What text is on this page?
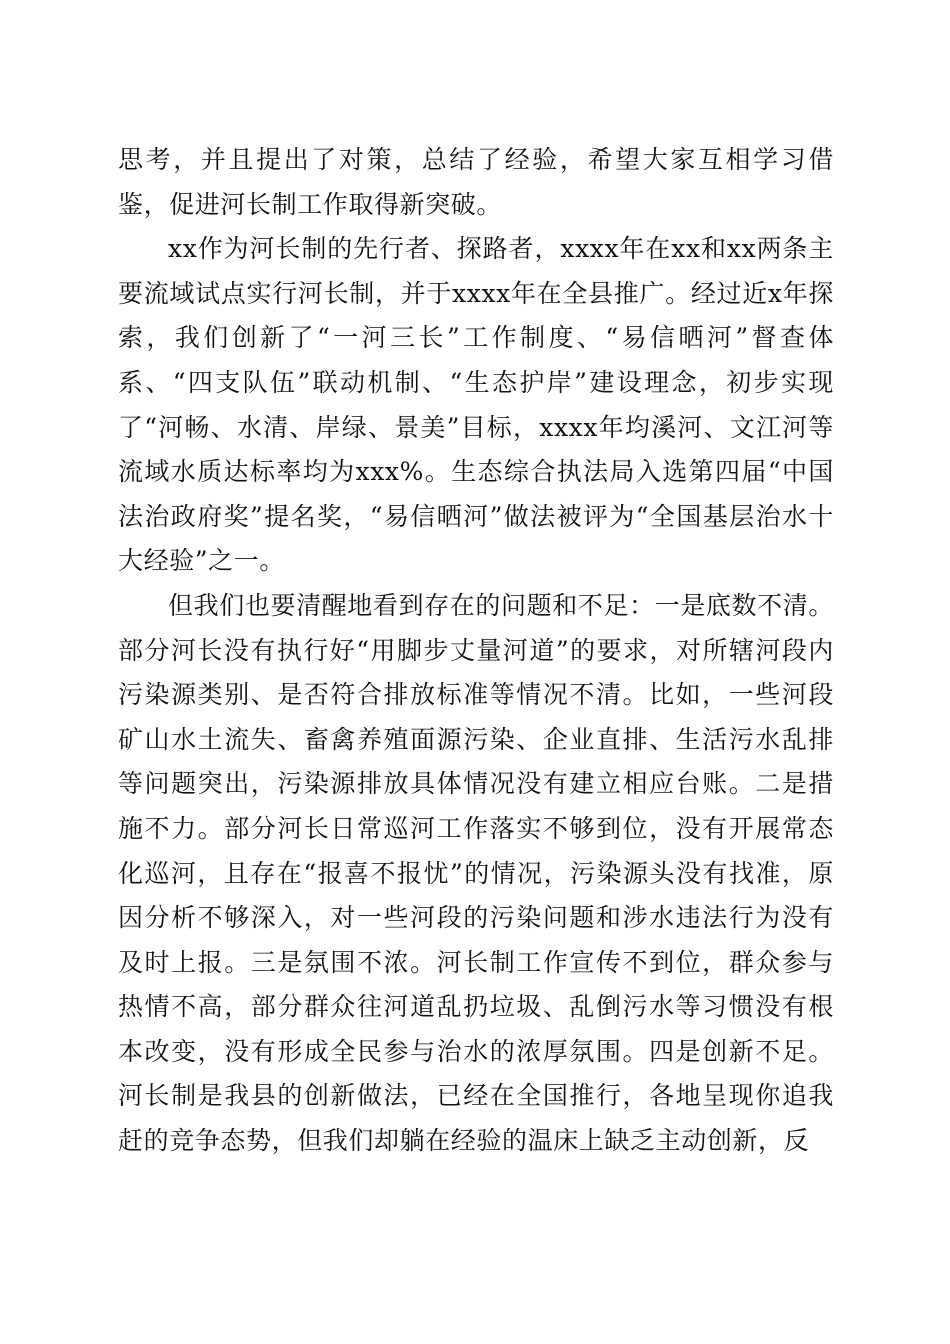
思考，并且提出了对策，总结了经验，希望大家互相学习借鉴，促进河长制工作取得新突破。

xx作为河长制的先行者、探路者，xxxx年在xx和xx两条主要流域试点实行河长制，并于xxxx年在全县推广。经过近x年探索，我们创新了“一河三长”工作制度、“易信晒河”督查体系、“四支队伍”联动机制、“生态护岸”建设理念，初步实现了“河畅、水清、岸绿、景美”目标，xxxx年均溪河、文江河等流域水质达标率均为xxx%。生态综合执法局入选第四届“中国法治政府奖”提名奖，“易信晒河”做法被评为“全国基层治水十大经验”之一。

但我们也要清醒地看到存在的问题和不足：一是底数不清。部分河长没有执行好“用脚步丈量河道”的要求，对所辖河段内污染源类别、是否符合排放标准等情况不清。比如，一些河段矿山水土流失、畜禽养殖面源污染、企业直排、生活污水乱排等问题突出，污染源排放具体情况没有建立相应台账。二是措施不力。部分河长日常巡河工作落实不够到位，没有开展常态化巡河，且存在“报喜不报忧”的情况，污染源头没有找准，原因分析不够深入，对一些河段的污染问题和涉水违法行为没有及时上报。三是氛围不浓。河长制工作宣传不到位，群众参与热情不高，部分群众往河道乱扔垃圾、乱倒污水等习惯没有根本改变，没有形成全民参与治水的浓厚氛围。四是创新不足。河长制是我县的创新做法，已经在全国推行，各地呈现你追我赶的竞争态势，但我们却躺在经验的温床上缺乏主动创新，反
